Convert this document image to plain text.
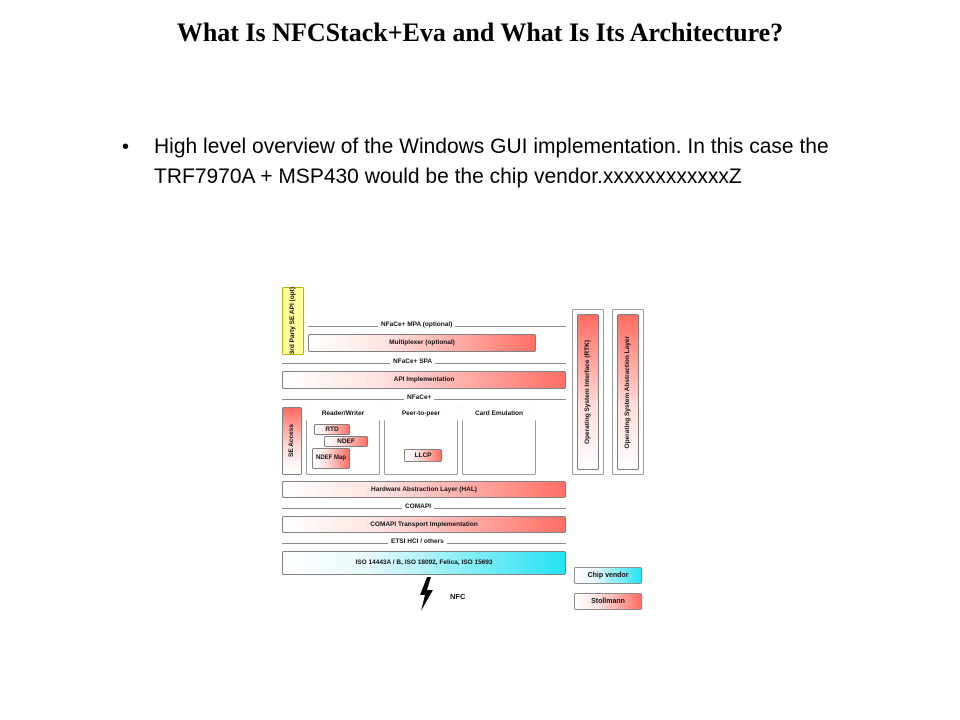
What Is NFCStack+Eva and What Is Its Architecture?
•	High level overview of the Windows GUI implementation. In this case the TRF7970A + MSP430 would be the chip vendor.xxxxxxxxxxxxZ
3rd Party SE API (opt)	NFaCe+ MPA (optional)
Multiplexer (optional)
NFaCe+ SPA
API Implementation
NFaCe+
SE Access
Reader/Writer
RTD
NDEF
NDEF Map
Peer-to-peer
LLCP
Card Emulation	Operating System Interface (RTK)	Operating System Abstraction Layer
Hardware Abstraction Layer (HAL)
COMAPI
COMAPI Transport Implementation
ETSI HCI / others
ISO 14443A / B, ISO 18092, Felica, ISO 15693
NFC
Chip vendor
Stollmann
